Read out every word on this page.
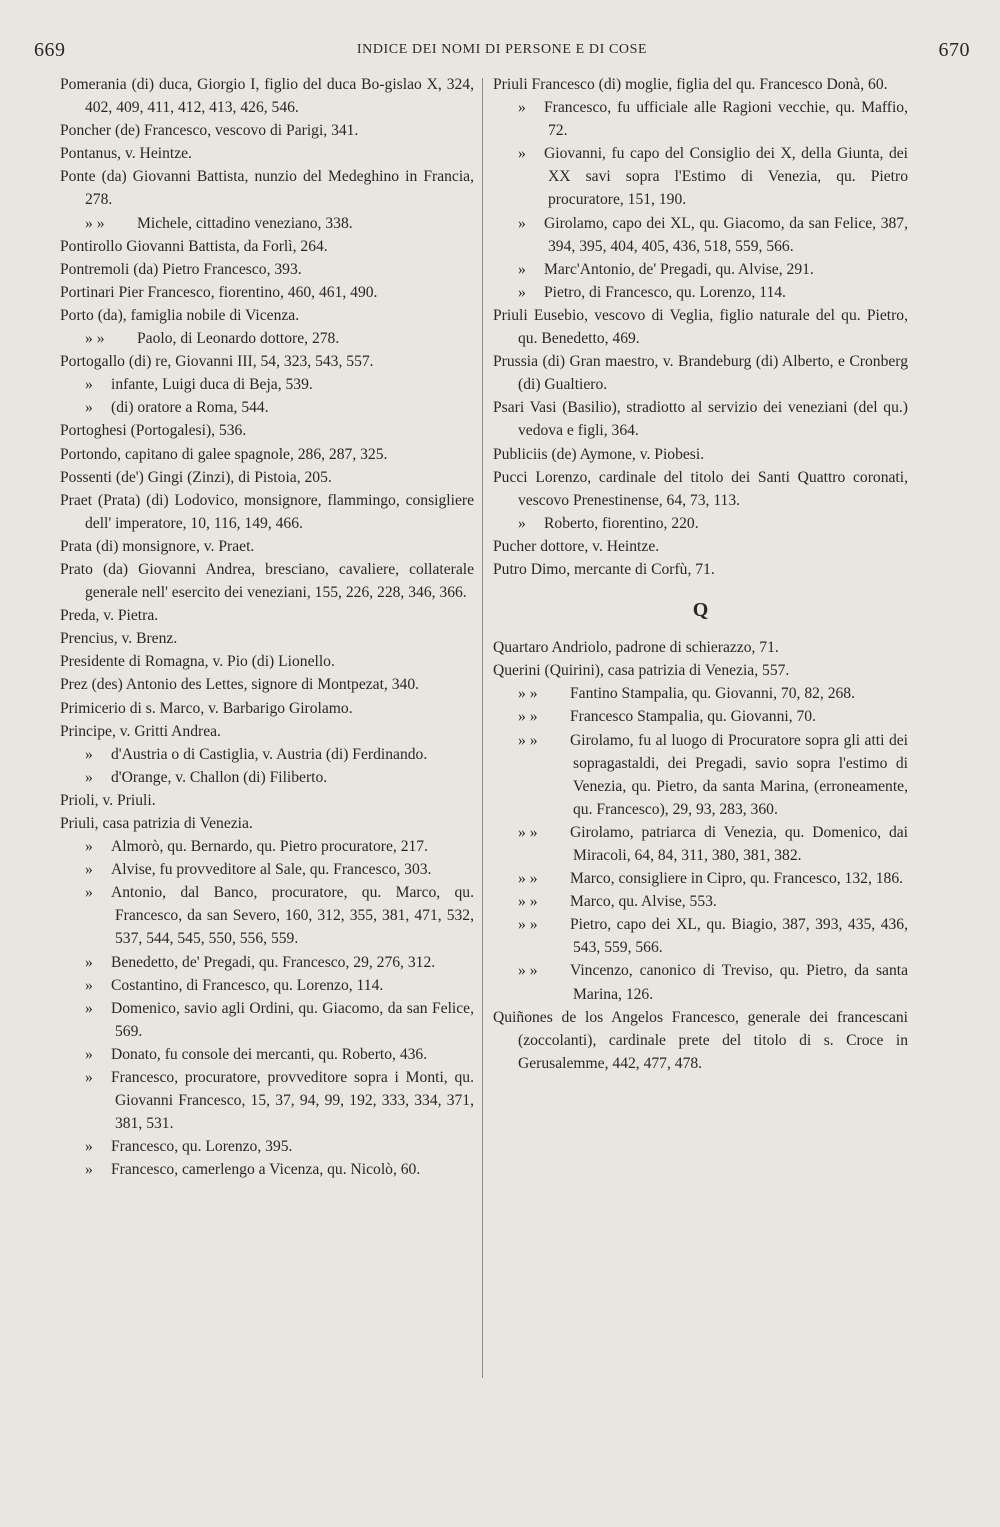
669	INDICE DEI NOMI DI PERSONE E DI COSE	670
Pomerania (di) duca, Giorgio I, figlio del duca Bo-gislao X, 324, 402, 409, 411, 412, 413, 426, 546.
Poncher (de) Francesco, vescovo di Parigi, 341.
Pontanus, v. Heintze.
Ponte (da) Giovanni Battista, nunzio del Medeghino in Francia, 278.
» » Michele, cittadino veneziano, 338.
Pontirollo Giovanni Battista, da Forlì, 264.
Pontremoli (da) Pietro Francesco, 393.
Portinari Pier Francesco, fiorentino, 460, 461, 490.
Porto (da), famiglia nobile di Vicenza.
» » Paolo, di Leonardo dottore, 278.
Portogallo (di) re, Giovanni III, 54, 323, 543, 557.
» infante, Luigi duca di Beja, 539.
» (di) oratore a Roma, 544.
Portoghesi (Portogalesi), 536.
Portondo, capitano di galee spagnole, 286, 287, 325.
Possenti (de') Gingi (Zinzi), di Pistoia, 205.
Praet (Prata) (di) Lodovico, monsignore, flammingo, consigliere dell' imperatore, 10, 116, 149, 466.
Prata (di) monsignore, v. Praet.
Prato (da) Giovanni Andrea, bresciano, cavaliere, collaterale generale nell' esercito dei veneziani, 155, 226, 228, 346, 366.
Preda, v. Pietra.
Prencius, v. Brenz.
Presidente di Romagna, v. Pio (di) Lionello.
Prez (des) Antonio des Lettes, signore di Montpezat, 340.
Primicerio di s. Marco, v. Barbarigo Girolamo.
Principe, v. Gritti Andrea.
» d'Austria o di Castiglia, v. Austria (di) Ferdinando.
» d'Orange, v. Challon (di) Filiberto.
Prioli, v. Priuli.
Priuli, casa patrizia di Venezia.
» Almorò, qu. Bernardo, qu. Pietro procuratore, 217.
» Alvise, fu provveditore al Sale, qu. Francesco, 303.
» Antonio, dal Banco, procuratore, qu. Marco, qu. Francesco, da san Severo, 160, 312, 355, 381, 471, 532, 537, 544, 545, 550, 556, 559.
» Benedetto, de' Pregadi, qu. Francesco, 29, 276, 312.
» Costantino, di Francesco, qu. Lorenzo, 114.
» Domenico, savio agli Ordini, qu. Giacomo, da san Felice, 569.
» Donato, fu console dei mercanti, qu. Roberto, 436.
» Francesco, procuratore, provveditore sopra i Monti, qu. Giovanni Francesco, 15, 37, 94, 99, 192, 333, 334, 371, 381, 531.
» Francesco, qu. Lorenzo, 395.
» Francesco, camerlengo a Vicenza, qu. Nicolò, 60.
Priuli Francesco (di) moglie, figlia del qu. Francesco Donà, 60.
» Francesco, fu ufficiale alle Ragioni vecchie, qu. Maffio, 72.
» Giovanni, fu capo del Consiglio dei X, della Giunta, dei XX savi sopra l'Estimo di Venezia, qu. Pietro procuratore, 151, 190.
» Girolamo, capo dei XL, qu. Giacomo, da san Felice, 387, 394, 395, 404, 405, 436, 518, 559, 566.
» Marc'Antonio, de' Pregadi, qu. Alvise, 291.
» Pietro, di Francesco, qu. Lorenzo, 114.
Priuli Eusebio, vescovo di Veglia, figlio naturale del qu. Pietro, qu. Benedetto, 469.
Prussia (di) Gran maestro, v. Brandeburg (di) Alberto, e Cronberg (di) Gualtiero.
Psari Vasi (Basilio), stradiotto al servizio dei veneziani (del qu.) vedova e figli, 364.
Publiciis (de) Aymone, v. Piobesi.
Pucci Lorenzo, cardinale del titolo dei Santi Quattro coronati, vescovo Prenestinense, 64, 73, 113.
» Roberto, fiorentino, 220.
Pucher dottore, v. Heintze.
Putro Dimo, mercante di Corfù, 71.
Q
Quartaro Andriolo, padrone di schierazzo, 71.
Querini (Quirini), casa patrizia di Venezia, 557.
» » Fantino Stampalia, qu. Giovanni, 70, 82, 268.
» » Francesco Stampalia, qu. Giovanni, 70.
» » Girolamo, fu al luogo di Procuratore sopra gli atti dei sopragastaldi, dei Pregadi, savio sopra l'estimo di Venezia, qu. Pietro, da santa Marina, (erroneamente, qu. Francesco), 29, 93, 283, 360.
» » Girolamo, patriarca di Venezia, qu. Domenico, dai Miracoli, 64, 84, 311, 380, 381, 382.
» » Marco, consigliere in Cipro, qu. Francesco, 132, 186.
» » Marco, qu. Alvise, 553.
» » Pietro, capo dei XL, qu. Biagio, 387, 393, 435, 436, 543, 559, 566.
» » Vincenzo, canonico di Treviso, qu. Pietro, da santa Marina, 126.
Quiñones de los Angelos Francesco, generale dei francescani (zoccolanti), cardinale prete del titolo di s. Croce in Gerusalemme, 442, 477, 478.
